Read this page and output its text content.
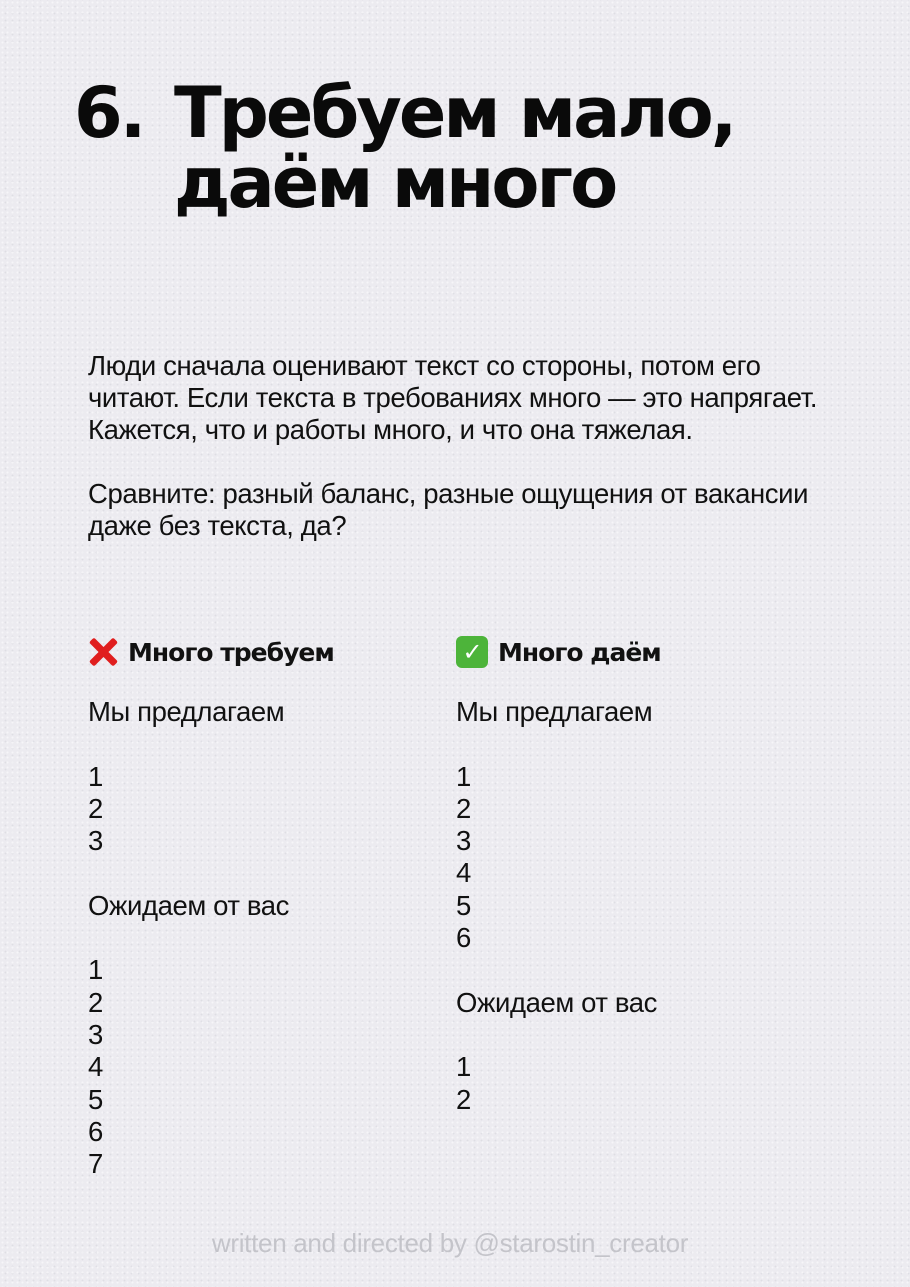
6. Требуем мало,
даём много

Люди сначала оценивают текст со стороны, потом его читают. Если текста в требованиях много — это напрягает. Кажется, что и работы много, и что она тяжелая.

Сравните: разный баланс, разные ощущения от вакансии даже без текста, да?

Много требуем
Мы предлагаем
1
2
3
Ожидаем от вас
1
2
3
4
5
6
7
✓ Много даём
Мы предлагаем
1
2
3
4
5
6
Ожидаем от вас
1
2
written and directed by @starostin_creator
